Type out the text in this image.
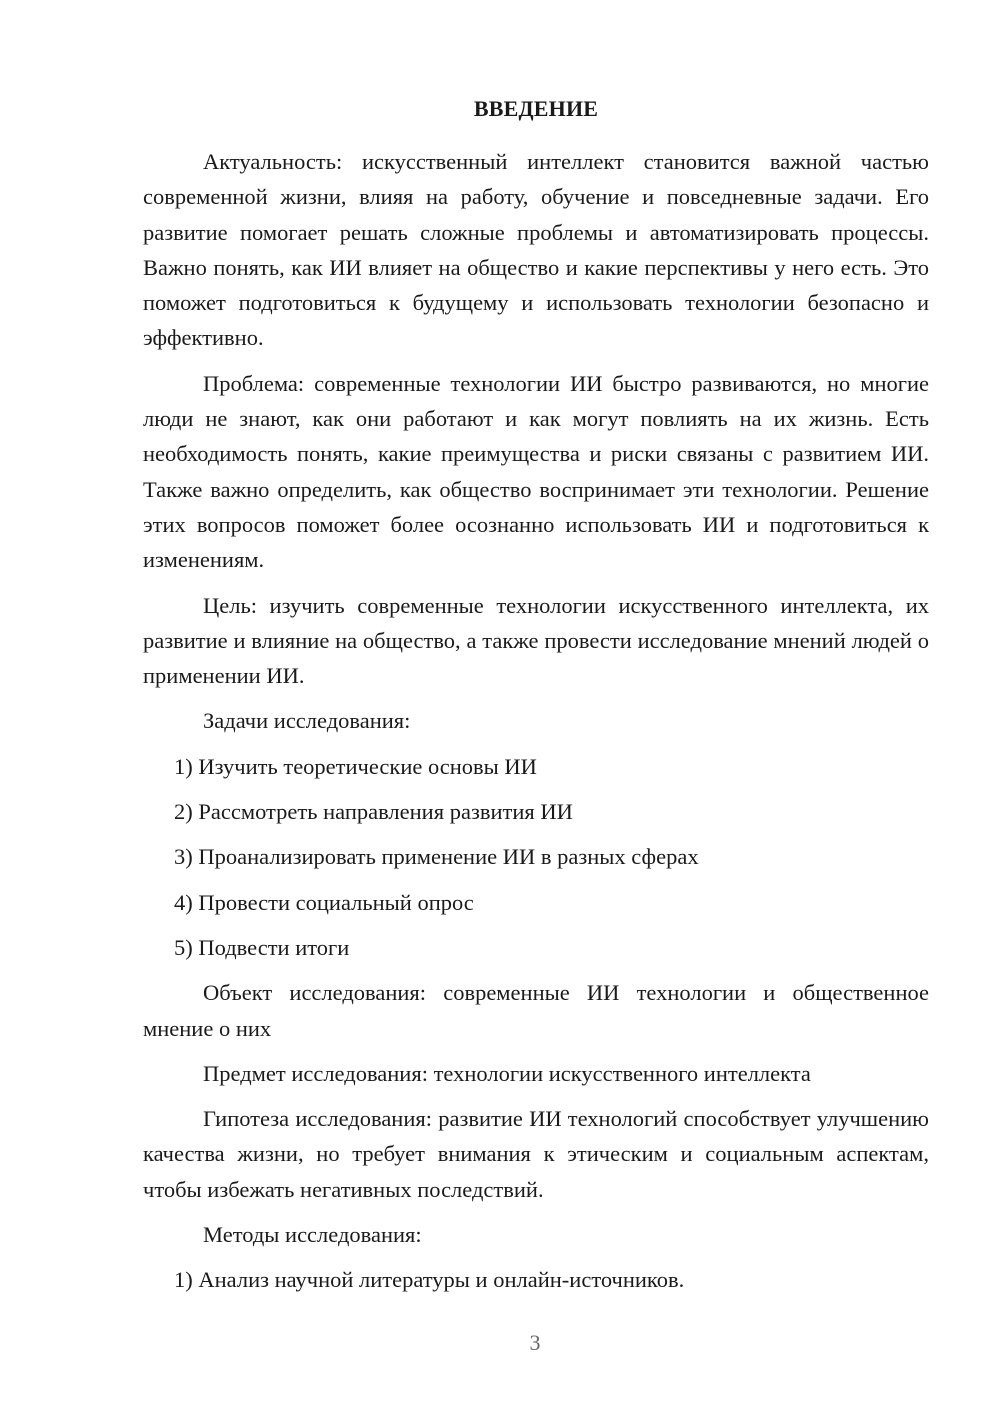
ВВЕДЕНИЕ

Актуальность: искусственный интеллект становится важной частью современной жизни, влияя на работу, обучение и повседневные задачи. Его развитие помогает решать сложные проблемы и автоматизировать процессы. Важно понять, как ИИ влияет на общество и какие перспективы у него есть. Это поможет подготовиться к будущему и использовать технологии безопасно и эффективно.

Проблема: современные технологии ИИ быстро развиваются, но многие люди не знают, как они работают и как могут повлиять на их жизнь. Есть необходимость понять, какие преимущества и риски связаны с развитием ИИ. Также важно определить, как общество воспринимает эти технологии. Решение этих вопросов поможет более осознанно использовать ИИ и подготовиться к изменениям.

Цель: изучить современные технологии искусственного интеллекта, их развитие и влияние на общество, а также провести исследование мнений людей о применении ИИ.

Задачи исследования:

1) Изучить теоретические основы ИИ

2) Рассмотреть направления развития ИИ

3) Проанализировать применение ИИ в разных сферах

4) Провести социальный опрос

5) Подвести итоги

Объект исследования: современные ИИ технологии и общественное мнение о них

Предмет исследования: технологии искусственного интеллекта

Гипотеза исследования: развитие ИИ технологий способствует улучшению качества жизни, но требует внимания к этическим и социальным аспектам, чтобы избежать негативных последствий.

Методы исследования:

1) Анализ научной литературы и онлайн-источников.

3
